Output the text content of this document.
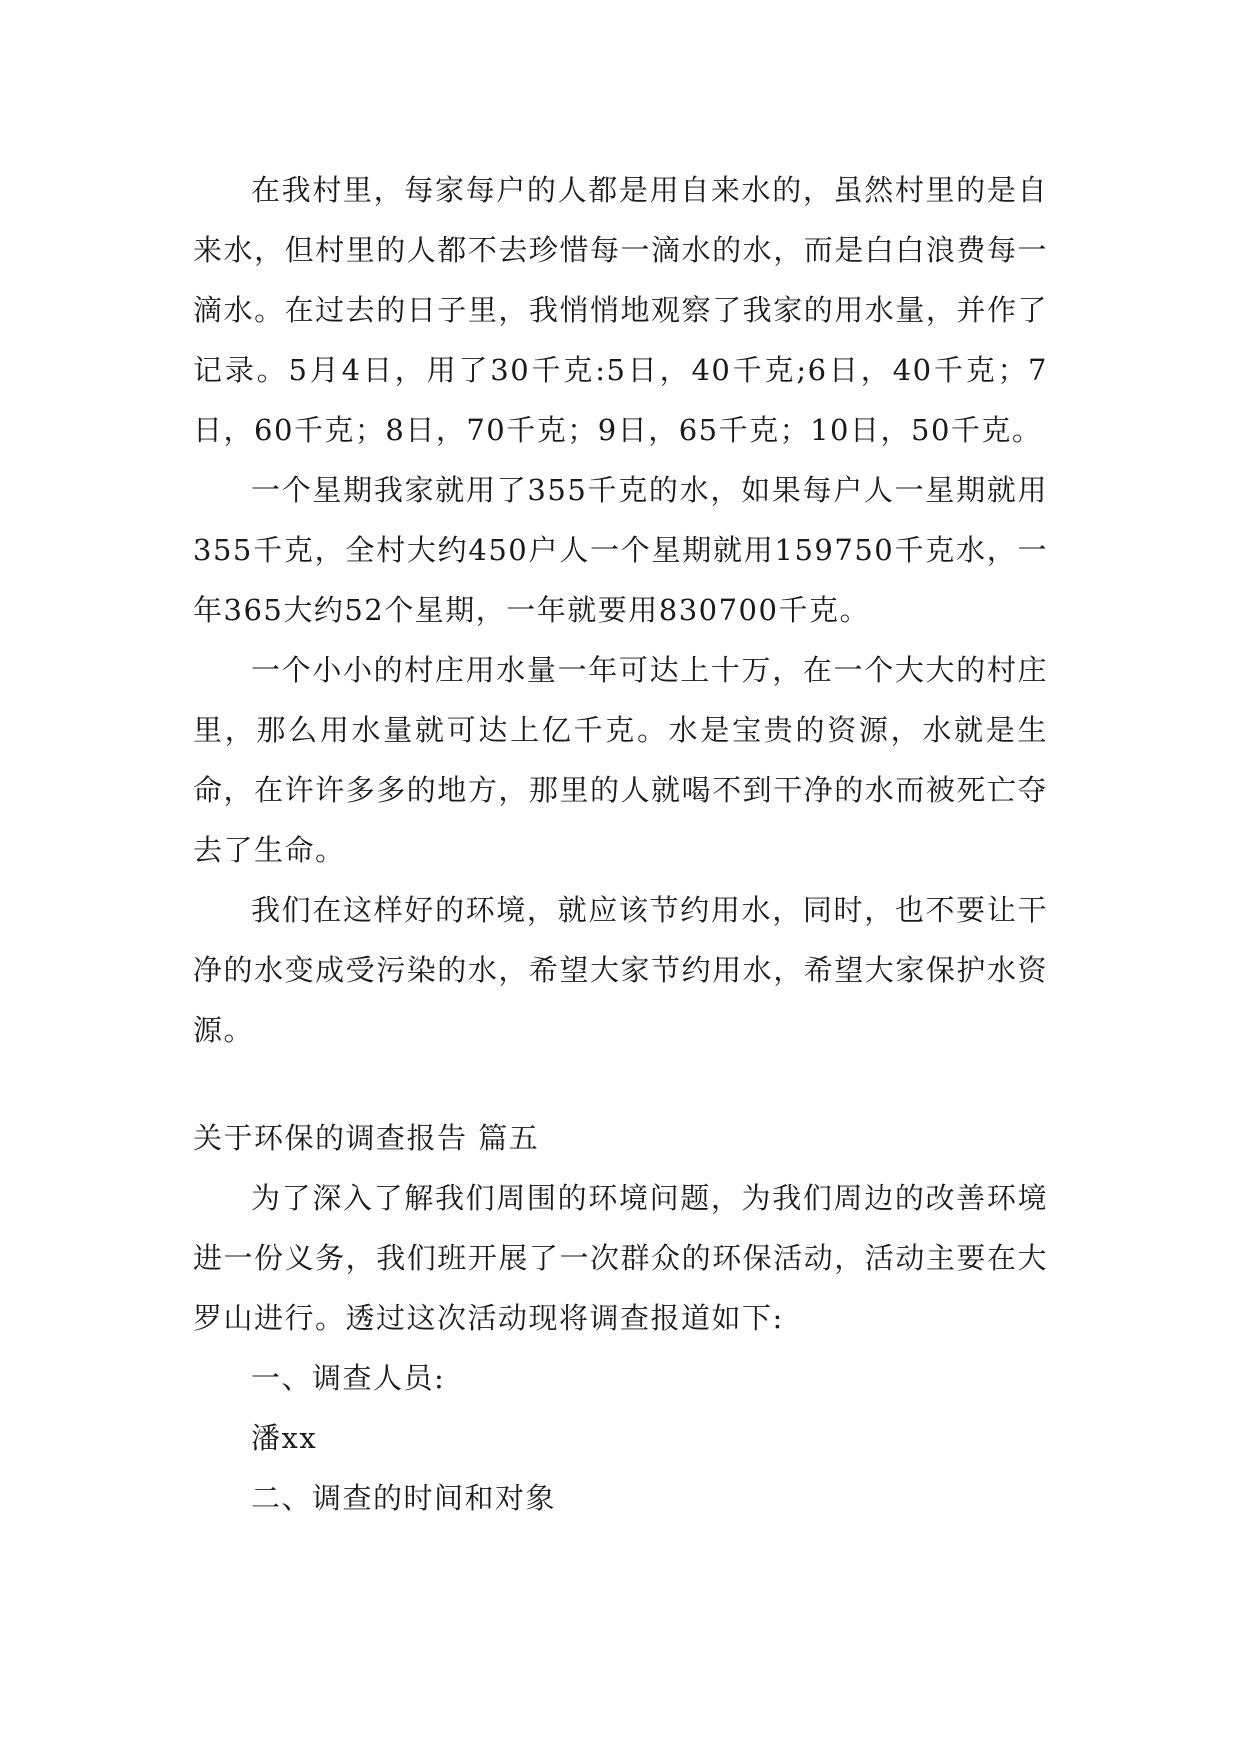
在我村里，每家每户的人都是用自来水的，虽然村里的是自来水，但村里的人都不去珍惜每一滴水的水，而是白白浪费每一滴水。在过去的日子里，我悄悄地观察了我家的用水量，并作了记录。5月4日，用了30千克:5日，40千克;6日，40千克；7日，60千克；8日，70千克；9日，65千克；10日，50千克。

一个星期我家就用了355千克的水，如果每户人一星期就用355千克，全村大约450户人一个星期就用159750千克水，一年365大约52个星期，一年就要用830700千克。

一个小小的村庄用水量一年可达上十万，在一个大大的村庄里，那么用水量就可达上亿千克。水是宝贵的资源，水就是生命，在许许多多的地方，那里的人就喝不到干净的水而被死亡夺去了生命。

我们在这样好的环境，就应该节约用水，同时，也不要让干净的水变成受污染的水，希望大家节约用水，希望大家保护水资源。

关于环保的调查报告 篇五

为了深入了解我们周围的环境问题，为我们周边的改善环境进一份义务，我们班开展了一次群众的环保活动，活动主要在大罗山进行。透过这次活动现将调查报道如下:

一、调查人员:

潘xx

二、调查的时间和对象
